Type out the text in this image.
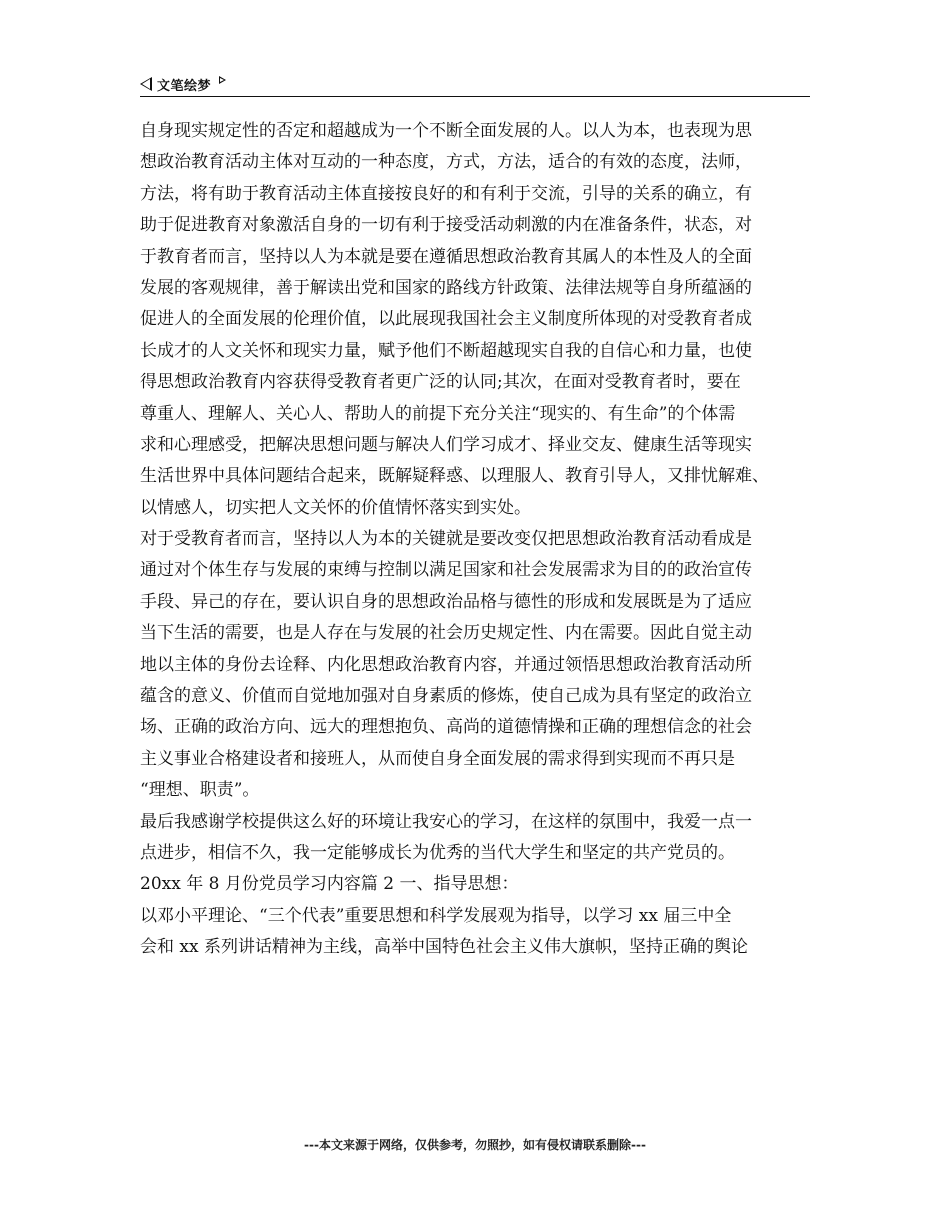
文笔绘梦
自身现实规定性的否定和超越成为一个不断全面发展的人。以人为本，也表现为思
想政治教育活动主体对互动的一种态度，方式，方法，适合的有效的态度，法师，
方法，将有助于教育活动主体直接按良好的和有利于交流，引导的关系的确立，有
助于促进教育对象激活自身的一切有利于接受活动刺激的内在准备条件，状态，对
于教育者而言，坚持以人为本就是要在遵循思想政治教育其属人的本性及人的全面
发展的客观规律，善于解读出党和国家的路线方针政策、法律法规等自身所蕴涵的
促进人的全面发展的伦理价值，以此展现我国社会主义制度所体现的对受教育者成
长成才的人文关怀和现实力量，赋予他们不断超越现实自我的自信心和力量，也使
得思想政治教育内容获得受教育者更广泛的认同;其次，在面对受教育者时，要在
尊重人、理解人、关心人、帮助人的前提下充分关注“现实的、有生命”的个体需
求和心理感受，把解决思想问题与解决人们学习成才、择业交友、健康生活等现实
生活世界中具体问题结合起来，既解疑释惑、以理服人、教育引导人，又排忧解难、
以情感人，切实把人文关怀的价值情怀落实到实处。
对于受教育者而言，坚持以人为本的关键就是要改变仅把思想政治教育活动看成是
通过对个体生存与发展的束缚与控制以满足国家和社会发展需求为目的的政治宣传
手段、异己的存在，要认识自身的思想政治品格与德性的形成和发展既是为了适应
当下生活的需要，也是人存在与发展的社会历史规定性、内在需要。因此自觉主动
地以主体的身份去诠释、内化思想政治教育内容，并通过领悟思想政治教育活动所
蕴含的意义、价值而自觉地加强对自身素质的修炼，使自己成为具有坚定的政治立
场、正确的政治方向、远大的理想抱负、高尚的道德情操和正确的理想信念的社会
主义事业合格建设者和接班人，从而使自身全面发展的需求得到实现而不再只是
“理想、职责”。
最后我感谢学校提供这么好的环境让我安心的学习，在这样的氛围中，我爱一点一
点进步，相信不久，我一定能够成长为优秀的当代大学生和坚定的共产党员的。
20xx 年 8 月份党员学习内容篇 2 一、指导思想：
以邓小平理论、“三个代表”重要思想和科学发展观为指导，以学习 xx 届三中全
会和 xx 系列讲话精神为主线，高举中国特色社会主义伟大旗帜，坚持正确的舆论
---本文来源于网络，仅供参考，勿照抄，如有侵权请联系删除---
